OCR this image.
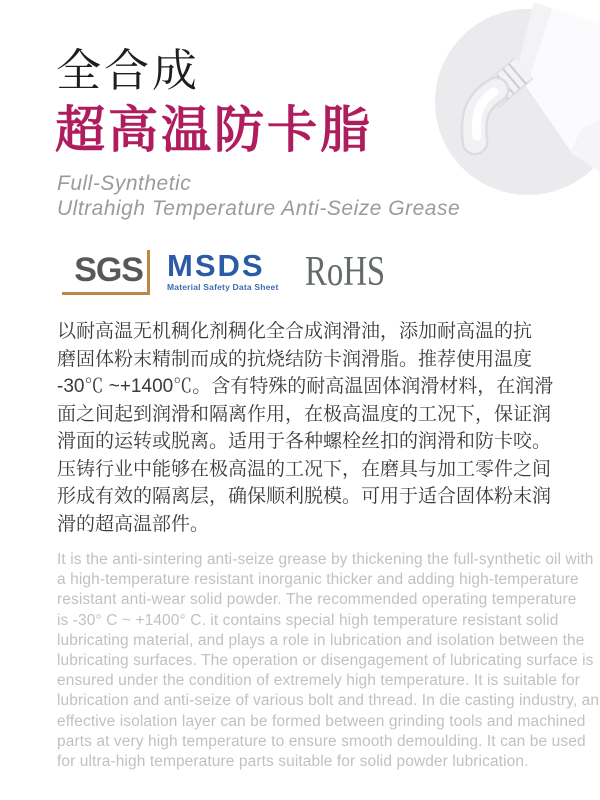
全合成
超高温防卡脂
Full-Synthetic
Ultrahigh Temperature Anti-Seize Grease
SGS MSDS
Material Safety Data Sheet RoHS
以耐高温无机稠化剂稠化全合成润滑油，添加耐高温的抗
磨固体粉末精制而成的抗烧结防卡润滑脂。推荐使用温度
-30℃ ~+1400℃。含有特殊的耐高温固体润滑材料，在润滑
面之间起到润滑和隔离作用，在极高温度的工况下，保证润
滑面的运转或脱离。适用于各种螺栓丝扣的润滑和防卡咬。
压铸行业中能够在极高温的工况下，在磨具与加工零件之间
形成有效的隔离层，确保顺利脱模。可用于适合固体粉末润
滑的超高温部件。
It is the anti-sintering anti-seize grease by thickening the full-synthetic oil with
a high-temperature resistant inorganic thicker and adding high-temperature
resistant anti-wear solid powder. The recommended operating temperature
is -30° C ~ +1400° C. it contains special high temperature resistant solid
lubricating material, and plays a role in lubrication and isolation between the
lubricating surfaces. The operation or disengagement of lubricating surface is
ensured under the condition of extremely high temperature. It is suitable for
lubrication and anti-seize of various bolt and thread. In die casting industry, an
effective isolation layer can be formed between grinding tools and machined
parts at very high temperature to ensure smooth demoulding. It can be used
for ultra-high temperature parts suitable for solid powder lubrication.
